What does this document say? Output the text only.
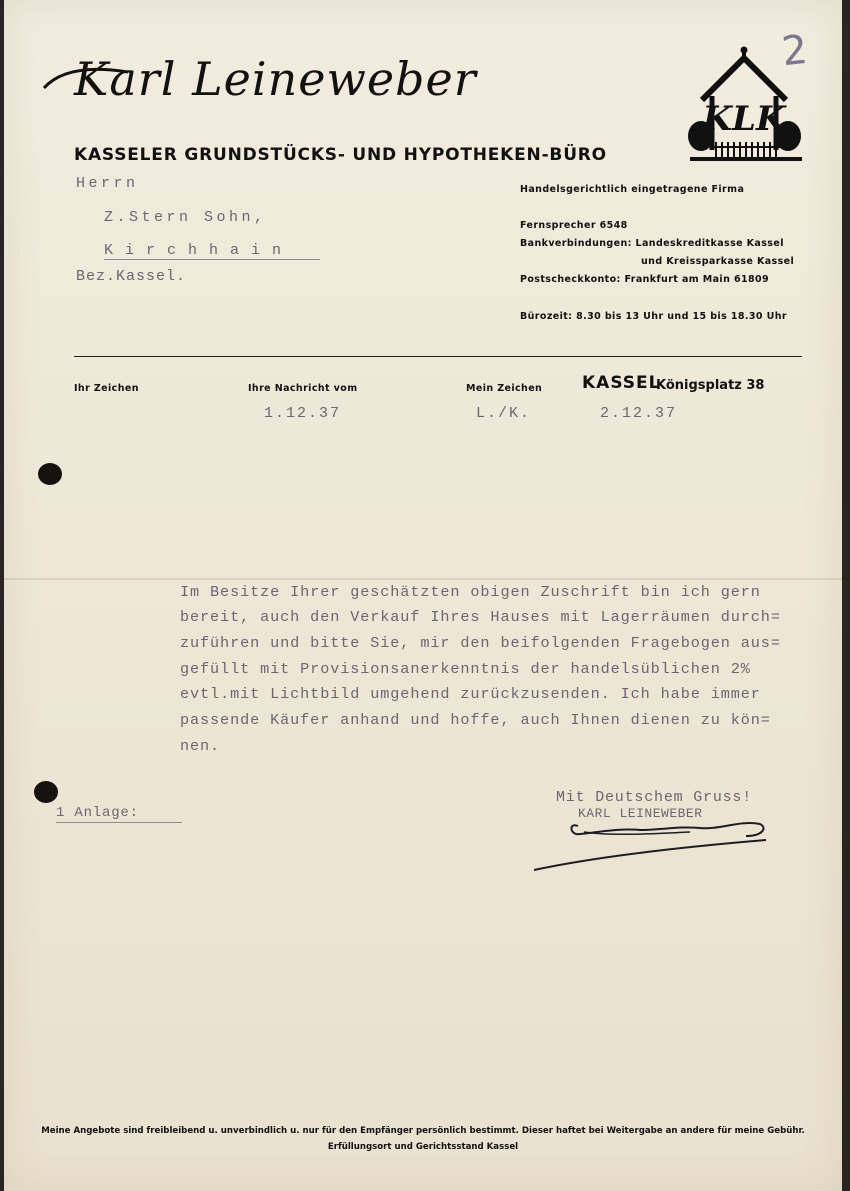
2
Karl Leineweber
KASSELER GRUNDSTÜCKS- UND HYPOTHEKEN-BÜRO
KLK
Herrn
Z.Stern Sohn,
Kirchhain
Bez.Kassel.
Handelsgerichtlich eingetragene Firma
Fernsprecher 6548
Bankverbindungen: Landeskreditkasse Kassel
und Kreissparkasse Kassel
Postscheckkonto: Frankfurt am Main 61809
Bürozeit: 8.30 bis 13 Uhr und 15 bis 18.30 Uhr
Ihr Zeichen	Ihre Nachricht vom
1.12.37
Mein Zeichen
L./K.
KASSEL
Königsplatz 38
2.12.37
Im Besitze Ihrer geschätzten obigen Zuschrift bin ich gern
bereit, auch den Verkauf Ihres Hauses mit Lagerräumen durch=
zuführen und bitte Sie, mir den beifolgenden Fragebogen aus=
gefüllt mit Provisionsanerkenntnis der handelsüblichen 2%
evtl.mit Lichtbild umgehend zurückzusenden. Ich habe immer
passende Käufer anhand und hoffe, auch Ihnen dienen zu kön=
nen.
Mit Deutschem Gruss!
KARL LEINEWEBER
1 Anlage:
Meine Angebote sind freibleibend u. unverbindlich u. nur für den Empfänger persönlich bestimmt. Dieser haftet bei Weitergabe an andere für meine Gebühr.
Erfüllungsort und Gerichtsstand Kassel
